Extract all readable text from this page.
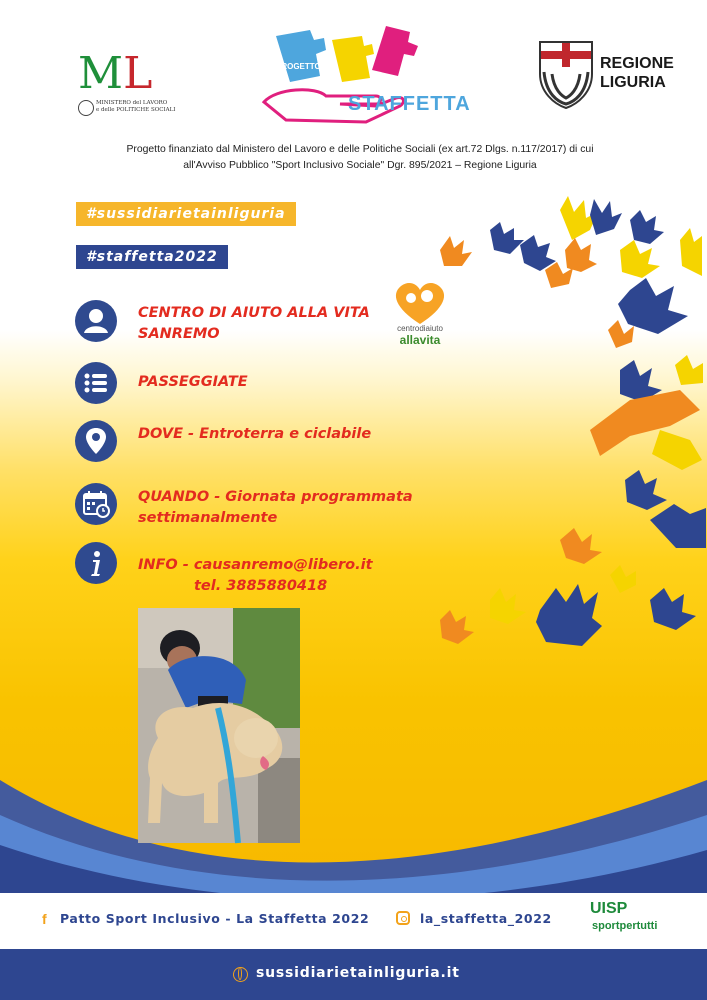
ML
MINISTERO del LAVORO
e delle POLITICHE SOCIALI
PROGETTO
STAFFETTA
REGIONE
LIGURIA
Progetto finanziato dal Ministero del Lavoro e delle Politiche Sociali (ex art.72 Dlgs. n.117/2017) di cui
all'Avviso Pubblico "Sport Inclusivo Sociale" Dgr. 895/2021 – Regione Liguria
#sussidiarietainliguria
#staffetta2022
CENTRO DI AIUTO ALLA VITA
SANREMO	centrodiaiuto
allavita
PASSEGGIATE
DOVE - Entroterra e ciclabile
QUANDO - Giornata programmata
settimanalmente
INFO - causanremo@libero.it
tel. 3885880418
f Patto Sport Inclusivo - La Staffetta 2022	la_staffetta_2022
UISP
sportpertutti
sussidiarietainliguria.it
